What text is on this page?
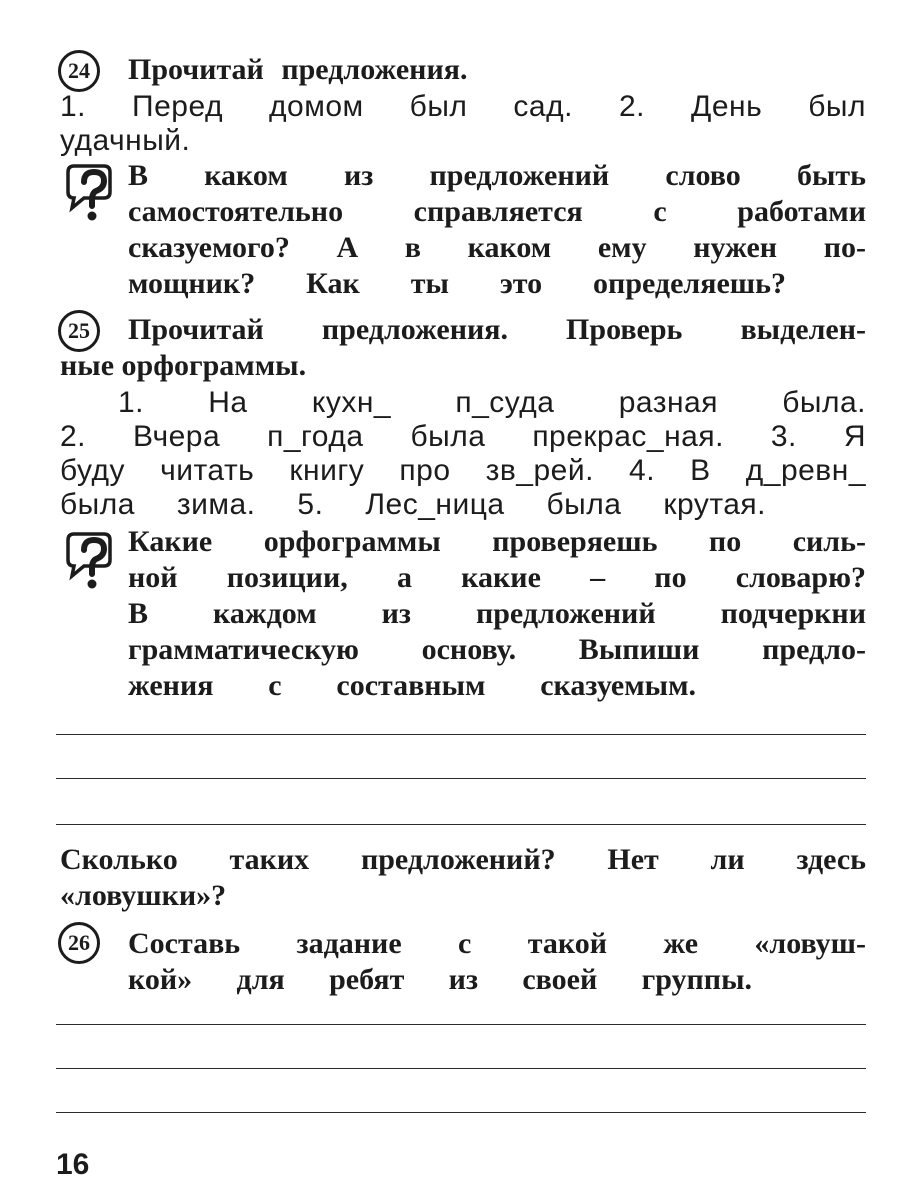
24	Прочитай предложения.
1. Перед домом был сад. 2. День был
удачный.
В каком из предложений слово быть
самостоятельно справляется с работами
сказуемого? А в каком ему нужен по-
мощник? Как ты это определяешь?
25	Прочитай предложения. Проверь выделен-
ные орфограммы.
1. На кухн_ п_суда разная была.
2. Вчера п_года была прекрас_ная. 3. Я
буду читать книгу про зв_рей. 4. В д_ревн_
была зима. 5. Лес_ница была крутая.
Какие орфограммы проверяешь по силь-
ной позиции, а какие – по словарю?
В каждом из предложений подчеркни
грамматическую основу. Выпиши предло-
жения с составным сказуемым.
Сколько таких предложений? Нет ли здесь
«ловушки»?
26	Составь задание с такой же «ловуш-
кой» для ребят из своей группы.
16
